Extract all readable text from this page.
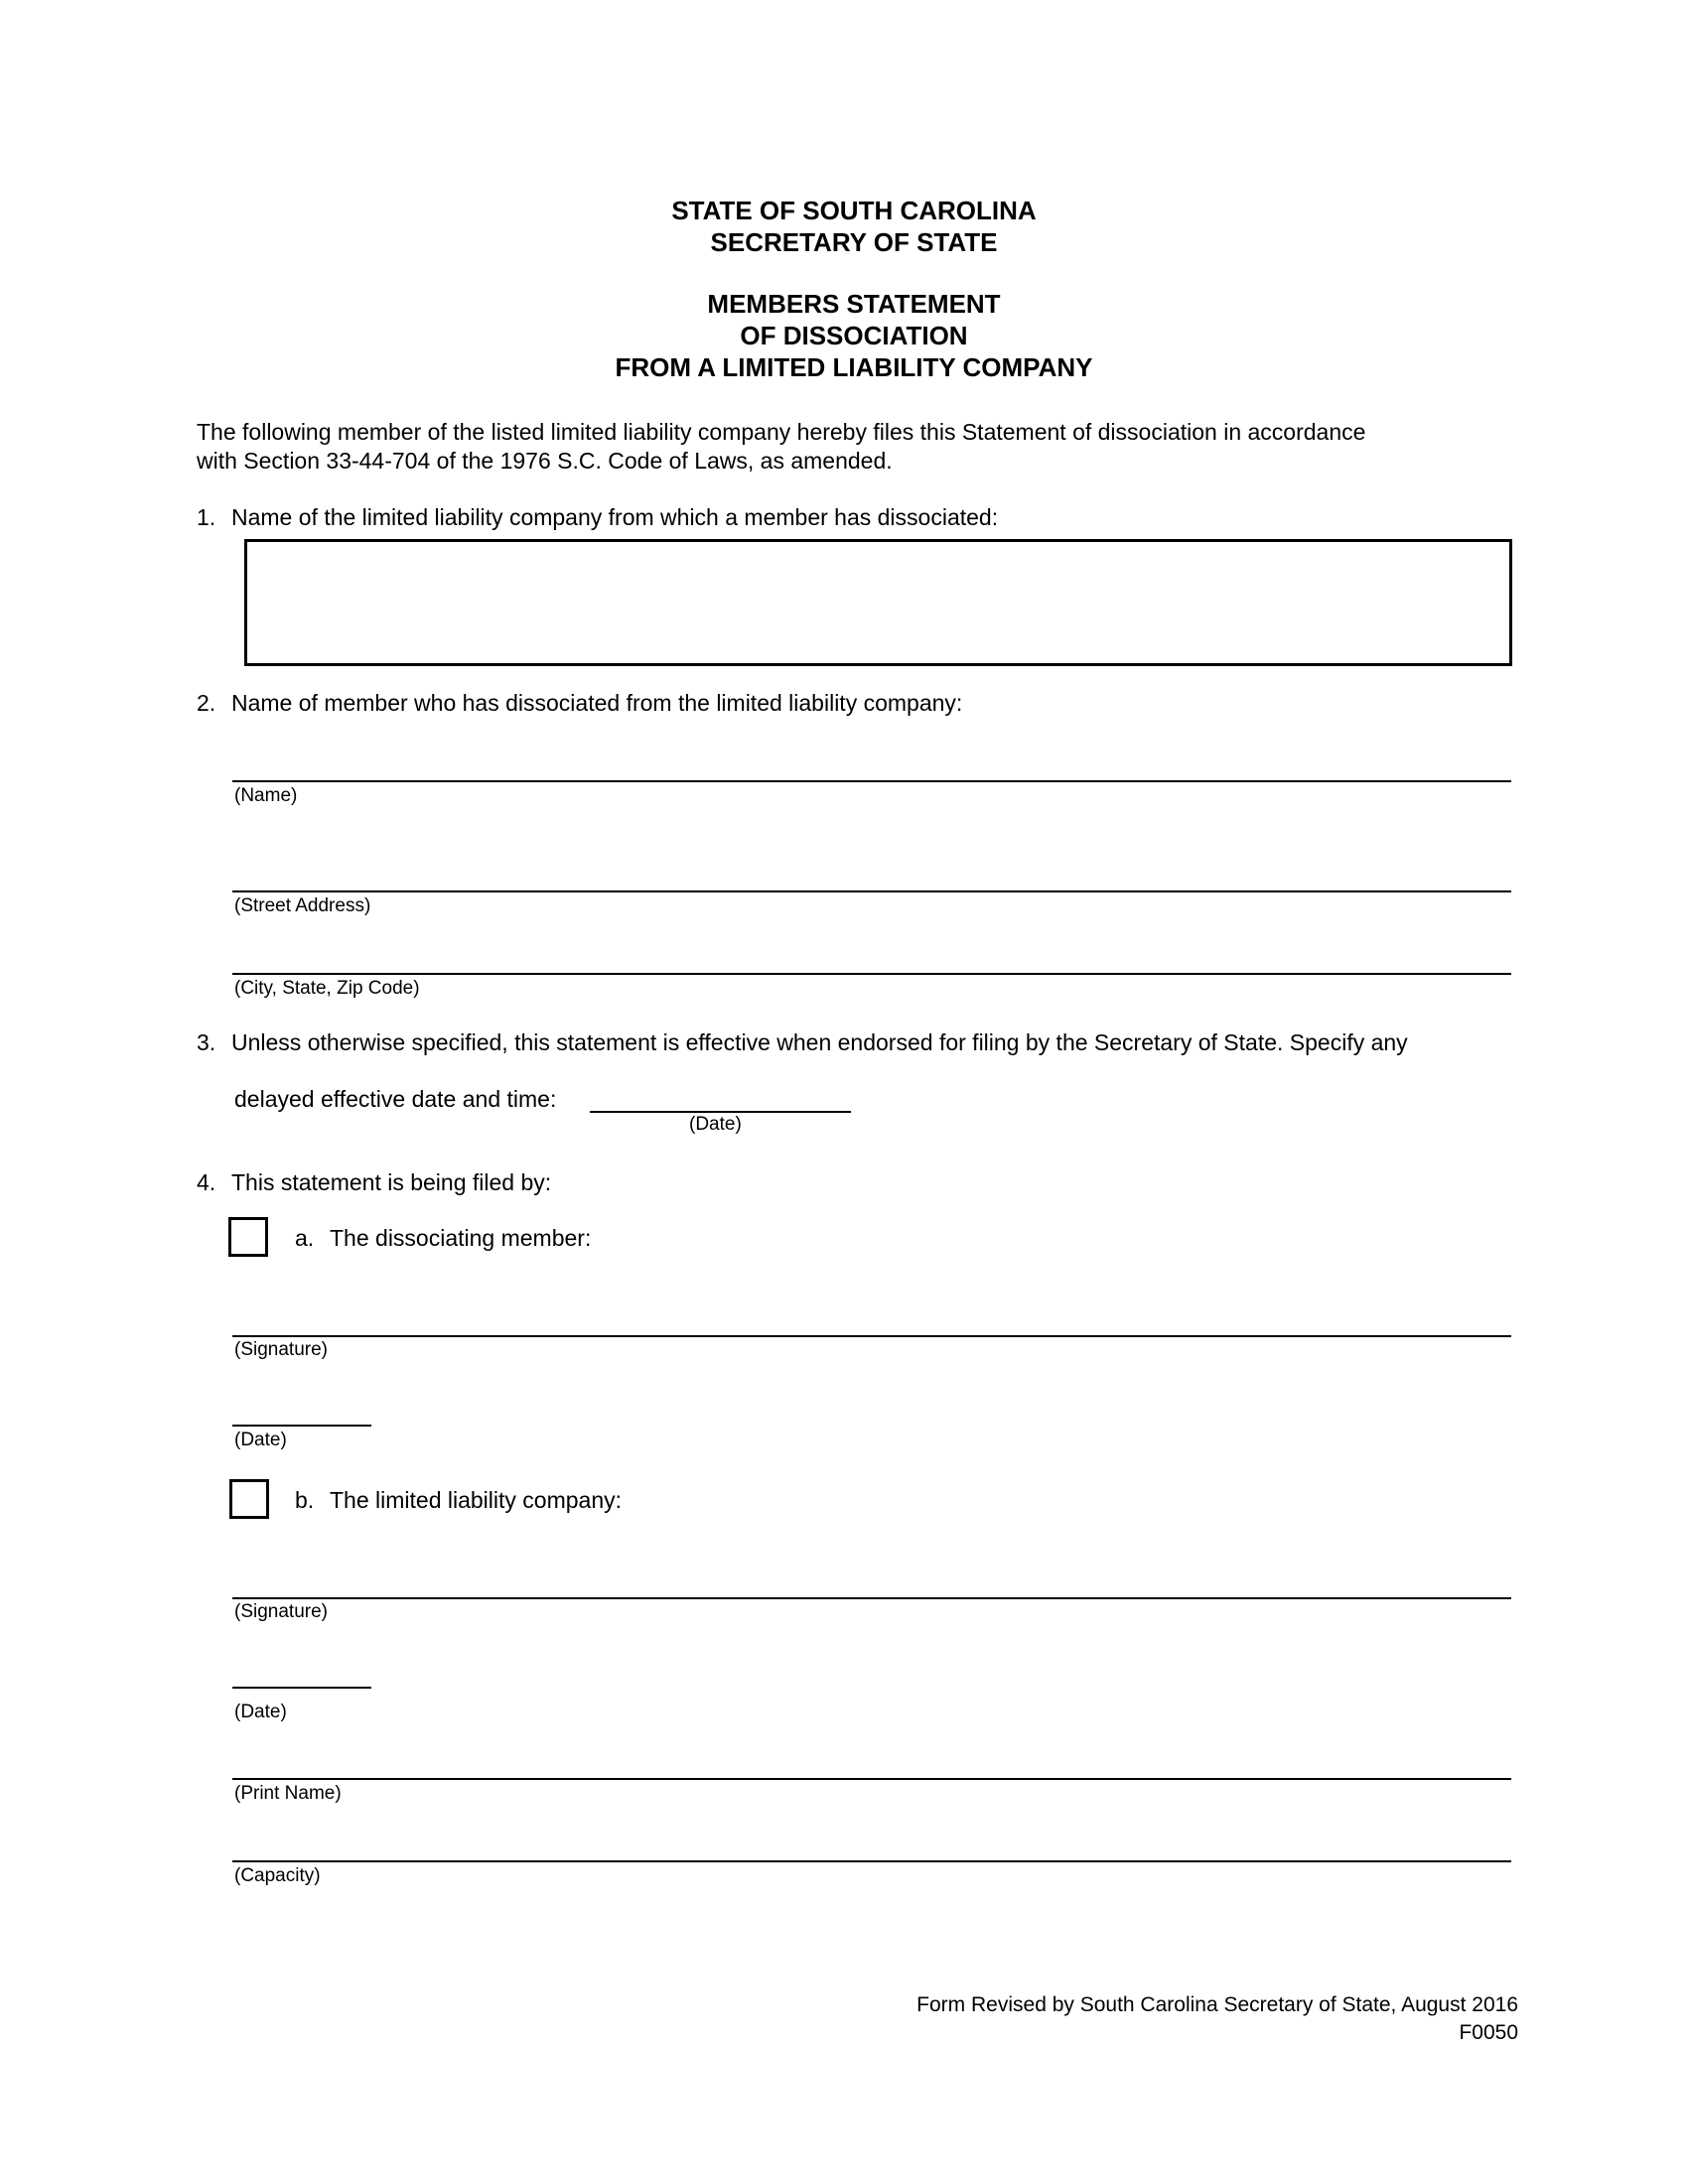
STATE OF SOUTH CAROLINA
SECRETARY OF STATE
MEMBERS STATEMENT
OF DISSOCIATION
FROM A LIMITED LIABILITY COMPANY
The following member of the listed limited liability company hereby files this Statement of dissociation in accordance
with Section 33-44-704 of the 1976 S.C. Code of Laws, as amended.
1. Name of the limited liability company from which a member has dissociated:
2. Name of member who has dissociated from the limited liability company:
(Name)
(Street Address)
(City, State, Zip Code)
3. Unless otherwise specified, this statement is effective when endorsed for filing by the Secretary of State. Specify any
delayed effective date and time:
(Date)
4. This statement is being filed by:
a. The dissociating member:
(Signature)
(Date)
b. The limited liability company:
(Signature)
(Date)
(Print Name)
(Capacity)
Form Revised by South Carolina Secretary of State, August 2016
F0050
